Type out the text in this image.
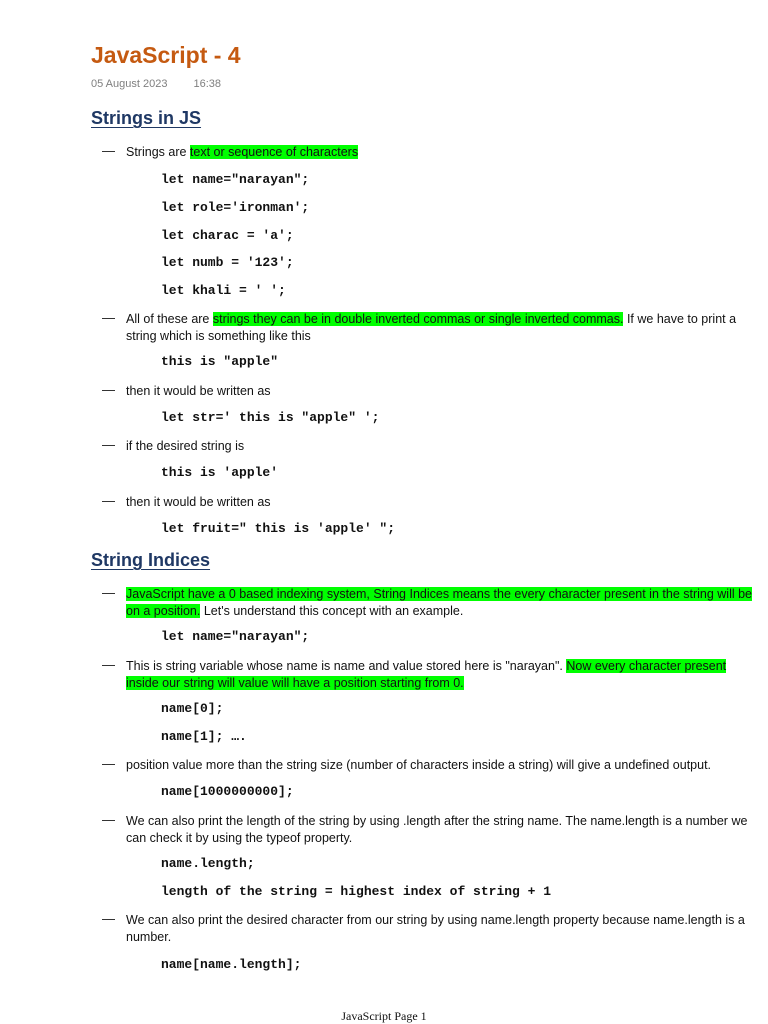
JavaScript - 4
05 August 2023 16:38
Strings in JS
— Strings are text or sequence of characters
let name="narayan";
let role='ironman';
let charac = 'a';
let numb = '123';
let khali = ' ';
— All of these are strings they can be in double inverted commas or single inverted commas. If we have to print a string which is something like this
this is "apple"
— then it would be written as
let str=' this is "apple" ';
— if the desired string is
this is 'apple'
— then it would be written as
let fruit=" this is 'apple' ";
String Indices
— JavaScript have a 0 based indexing system, String Indices means the every character present in the string will be on a position. Let's understand this concept with an example.
let name="narayan";
— This is string variable whose name is name and value stored here is "narayan". Now every character present inside our string will value will have a position starting from 0.
name[0];
name[1]; ….
— position value more than the string size (number of characters inside a string) will give a undefined output.
name[1000000000];
— We can also print the length of the string by using .length after the string name. The name.length is a number we can check it by using the typeof property.
name.length;
length of the string = highest index of string + 1
— We can also print the desired character from our string by using name.length property because name.length is a number.
name[name.length];
JavaScript Page 1
